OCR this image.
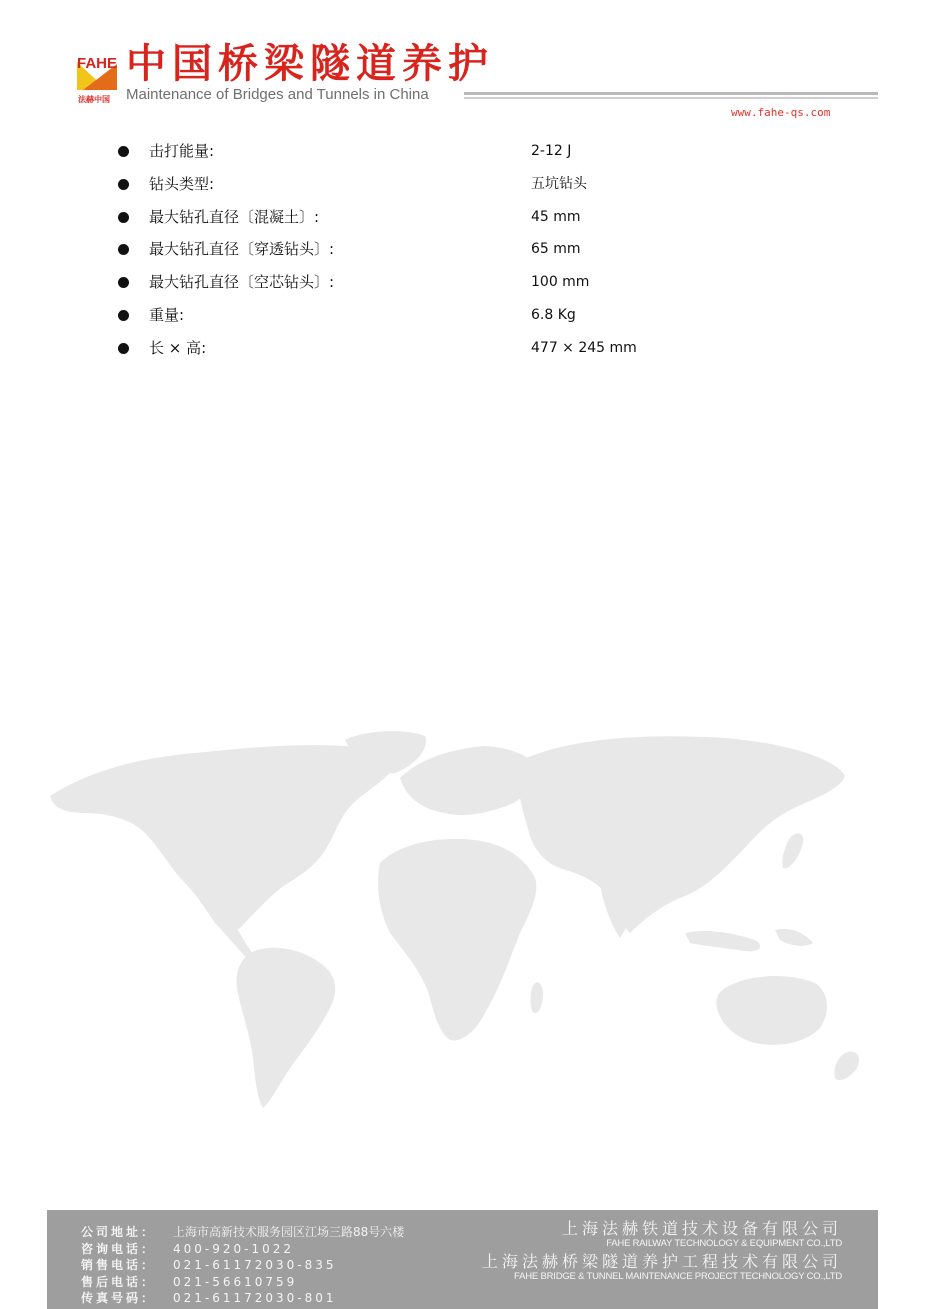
FAHE
法赫中国
中国桥梁隧道养护
Maintenance of Bridges and Tunnels in China
www.fahe-qs.com
击打能量:	2-12 J
钻头类型:	五坑钻头
最大钻孔直径〔混凝土〕:	45 mm
最大钻孔直径〔穿透钻头〕:	65 mm
最大钻孔直径〔空芯钻头〕:	100 mm
重量:	6.8 Kg
长 × 高:	477 × 245 mm
公司地址： 上海市高新技术服务园区江场三路88号六楼
咨询电话： 400-920-1022
销售电话： 021-61172030-835
售后电话： 021-56610759
传真号码： 021-61172030-801
上海法赫铁道技术设备有限公司
FAHE RAILWAY TECHNOLOGY & EQUIPMENT CO.,LTD
上海法赫桥梁隧道养护工程技术有限公司
FAHE BRIDGE & TUNNEL MAINTENANCE PROJECT TECHNOLOGY CO.,LTD
